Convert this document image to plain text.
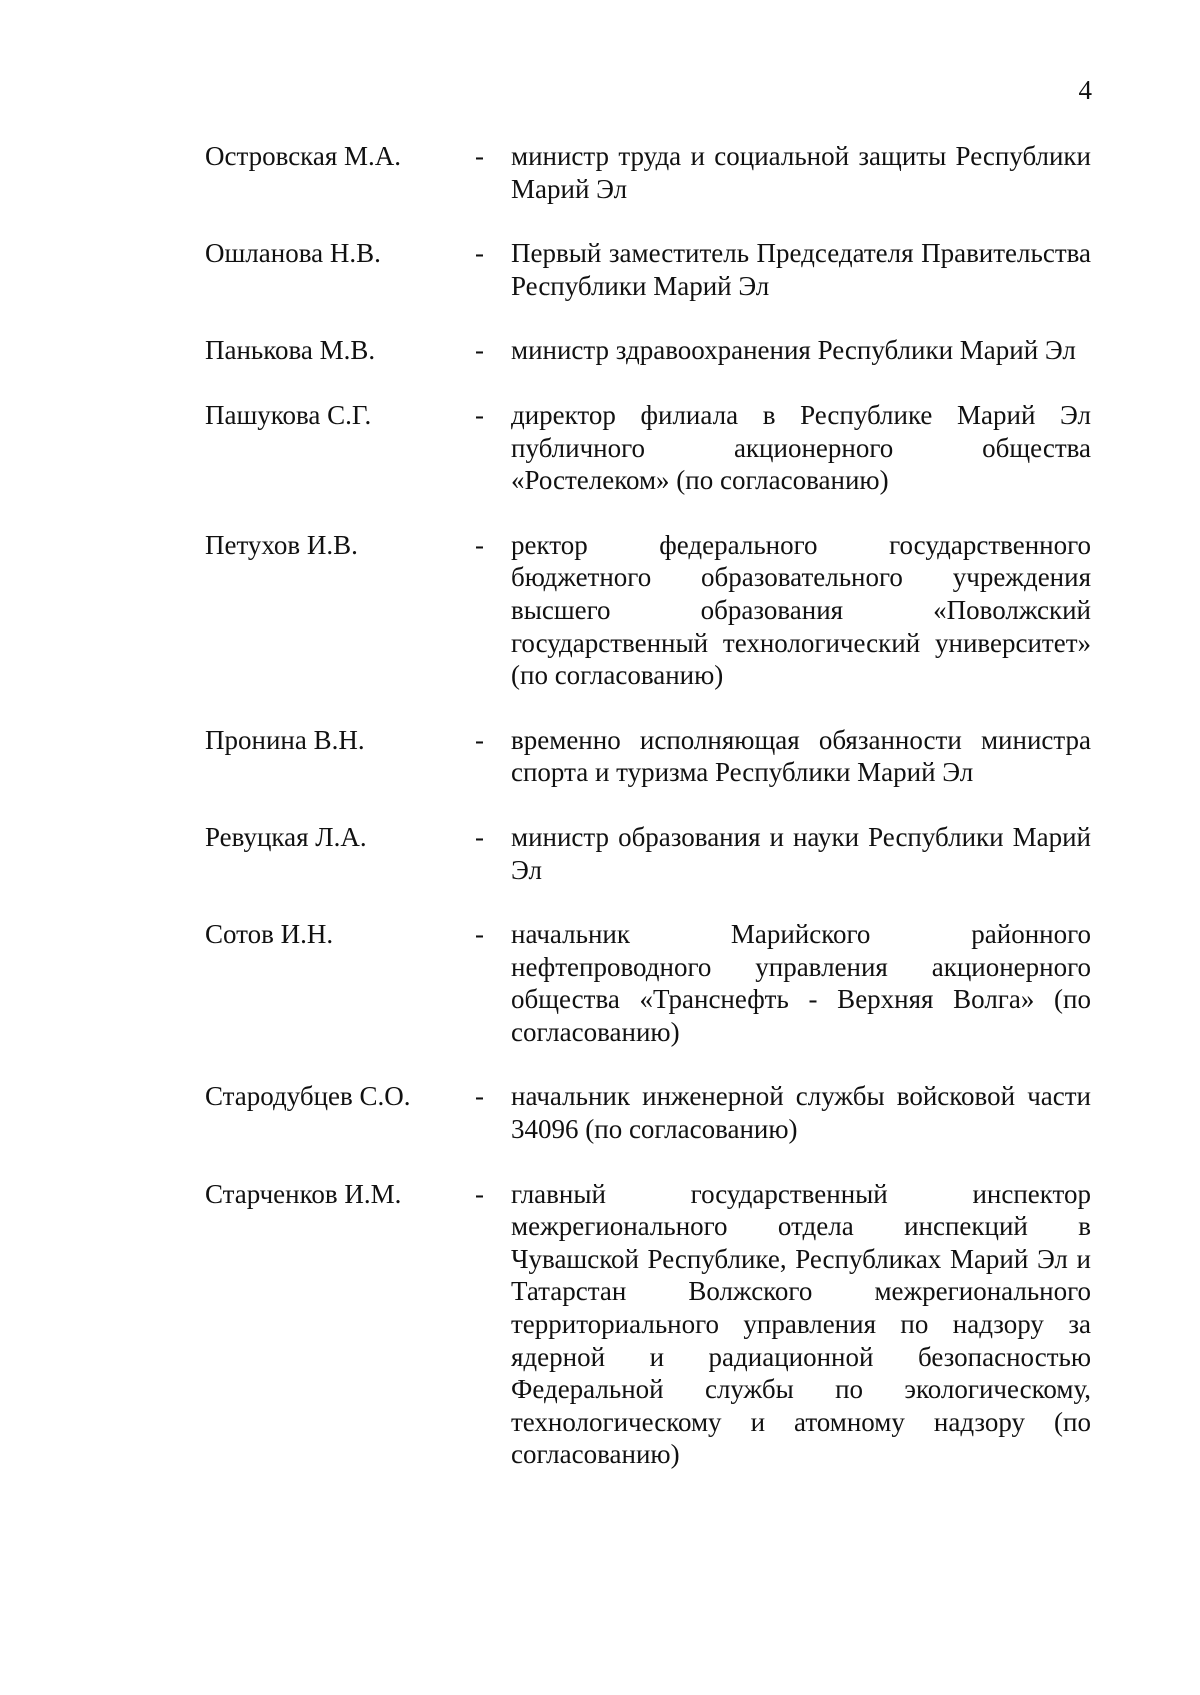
4
Островская М.А.	-	министр труда и социальной защиты Республики Марий Эл
Ошланова Н.В.	-	Первый заместитель Председателя Правительства Республики Марий Эл
Панькова М.В.	-	министр здравоохранения Республики Марий Эл
Пашукова С.Г.	-	директор филиала в Республике Марий Эл публичного акционерного общества «Ростелеком» (по согласованию)
Петухов И.В.	-	ректор федерального государственного бюджетного образовательного учреждения высшего образования «Поволжский государственный технологический университет» (по согласованию)
Пронина В.Н.	-	временно исполняющая обязанности министра спорта и туризма Республики Марий Эл
Ревуцкая Л.А.	-	министр образования и науки Республики Марий Эл
Сотов И.Н.	-	начальник Марийского районного нефтепроводного управления акционерного общества «Транснефть - Верхняя Волга» (по согласованию)
Стародубцев С.О.	-	начальник инженерной службы войсковой части 34096 (по согласованию)
Старченков И.М.	-	главный государственный инспектор межрегионального отдела инспекций в Чувашской Республике, Республиках Марий Эл и Татарстан Волжского межрегионального территориального управления по надзору за ядерной и радиационной безопасностью Федеральной службы по экологическому, технологическому и атомному надзору (по согласованию)
